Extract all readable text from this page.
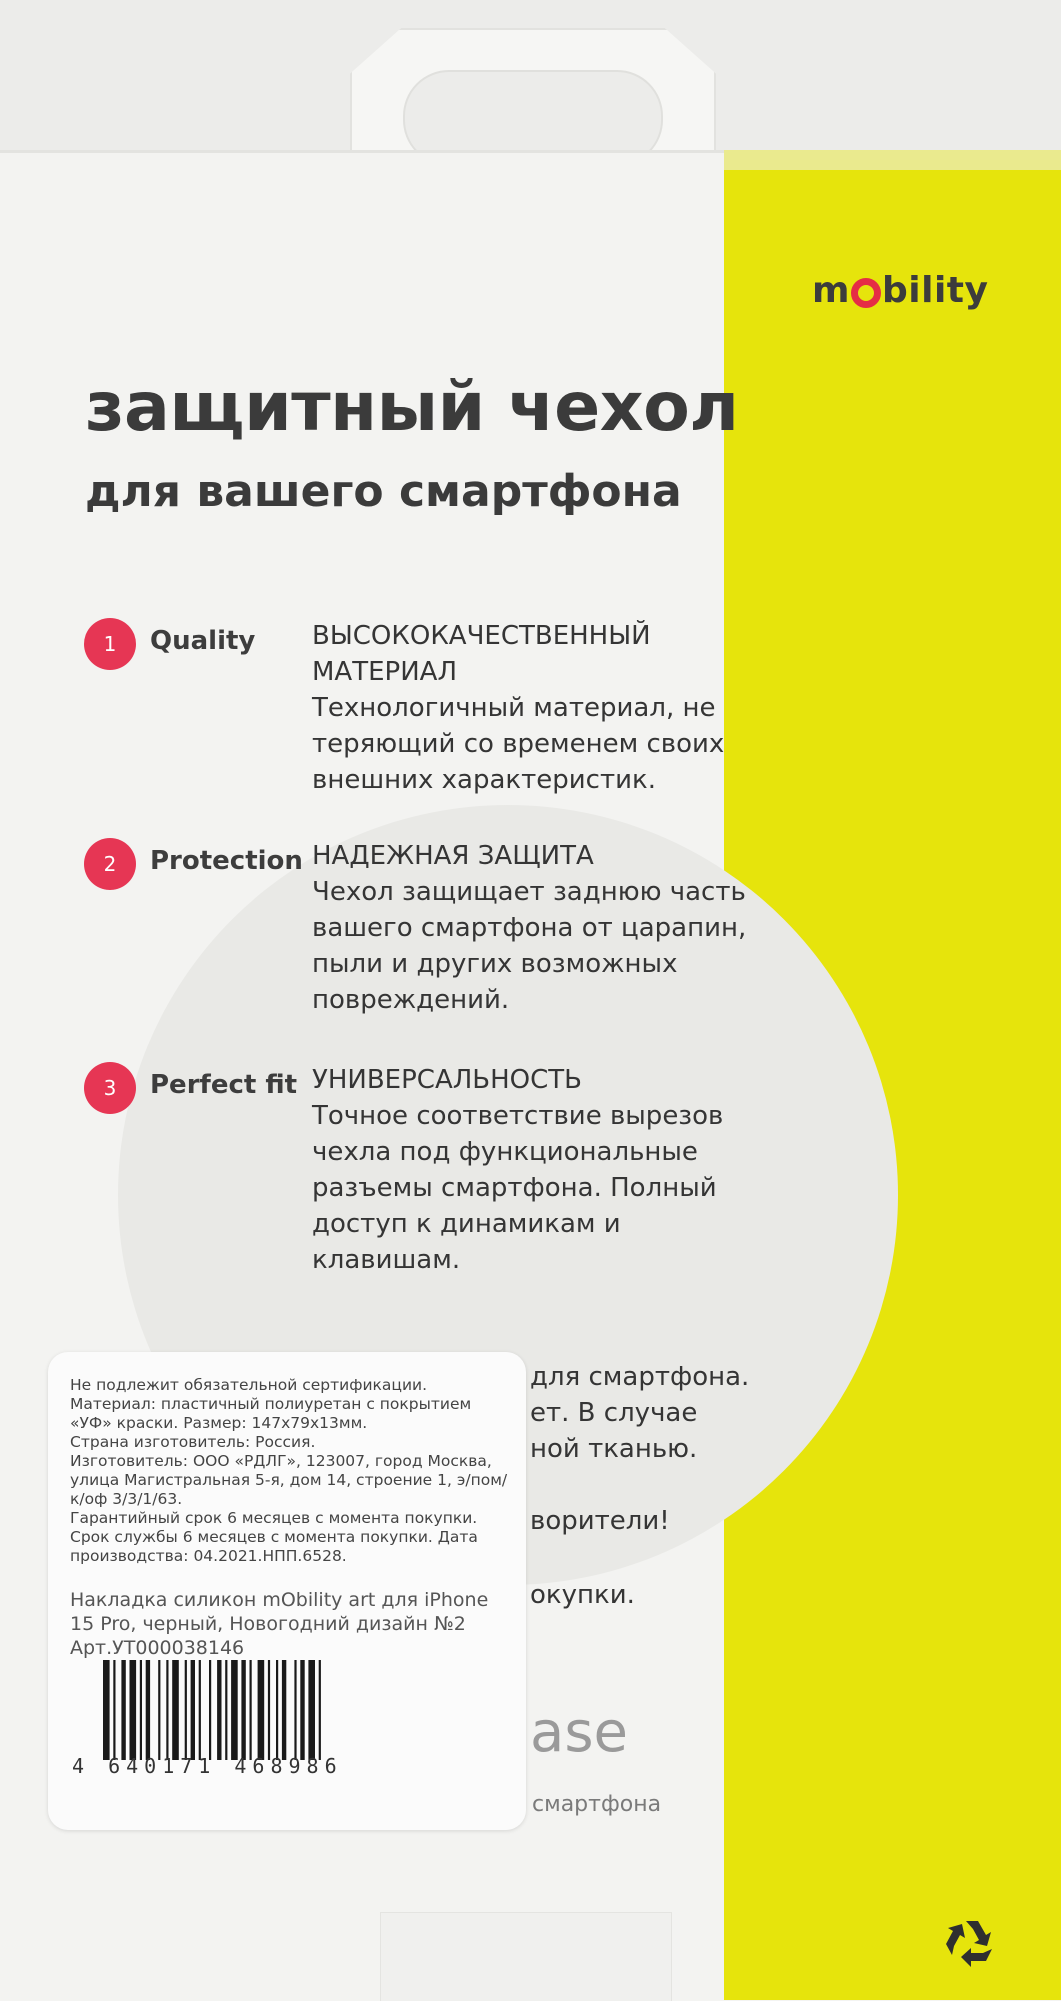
m bility
защитный чехол
для вашего смартфона
1	Quality ВЫСОКОКАЧЕСТВЕННЫЙ МАТЕРИАЛ
Технологичный материал, не теряющий со временем своих внешних характеристик.
2	Protection НАДЕЖНАЯ ЗАЩИТА
Чехол защищает заднюю часть вашего смартфона от царапин, пыли и других возможных повреждений.
3	Perfect fit УНИВЕРСАЛЬНОСТЬ
Точное соответствие вырезов чехла под функциональные разъемы смартфона. Полный доступ к динамикам и клавишам.
для смартфона.
ет. В случае
ной тканью.
ворители!
окупки.
ase
смартфона
Не подлежит обязательной сертификации.
Материал: пластичный полиуретан с покрытием «УФ» краски. Размер: 147x79x13мм.
Страна изготовитель: Россия.
Изготовитель: ООО «РДЛГ», 123007, город Москва, улица Магистральная 5-я, дом 14, строение 1, э/пом/к/оф 3/3/1/63.
Гарантийный срок 6 месяцев с момента покупки. Срок службы 6 месяцев с момента покупки. Дата производства: 04.2021.НПП.6528.
Накладка силикон mObility art для iPhone 15 Pro, черный, Новогодний дизайн №2 Арт.УТ000038146
4 640171 468986
